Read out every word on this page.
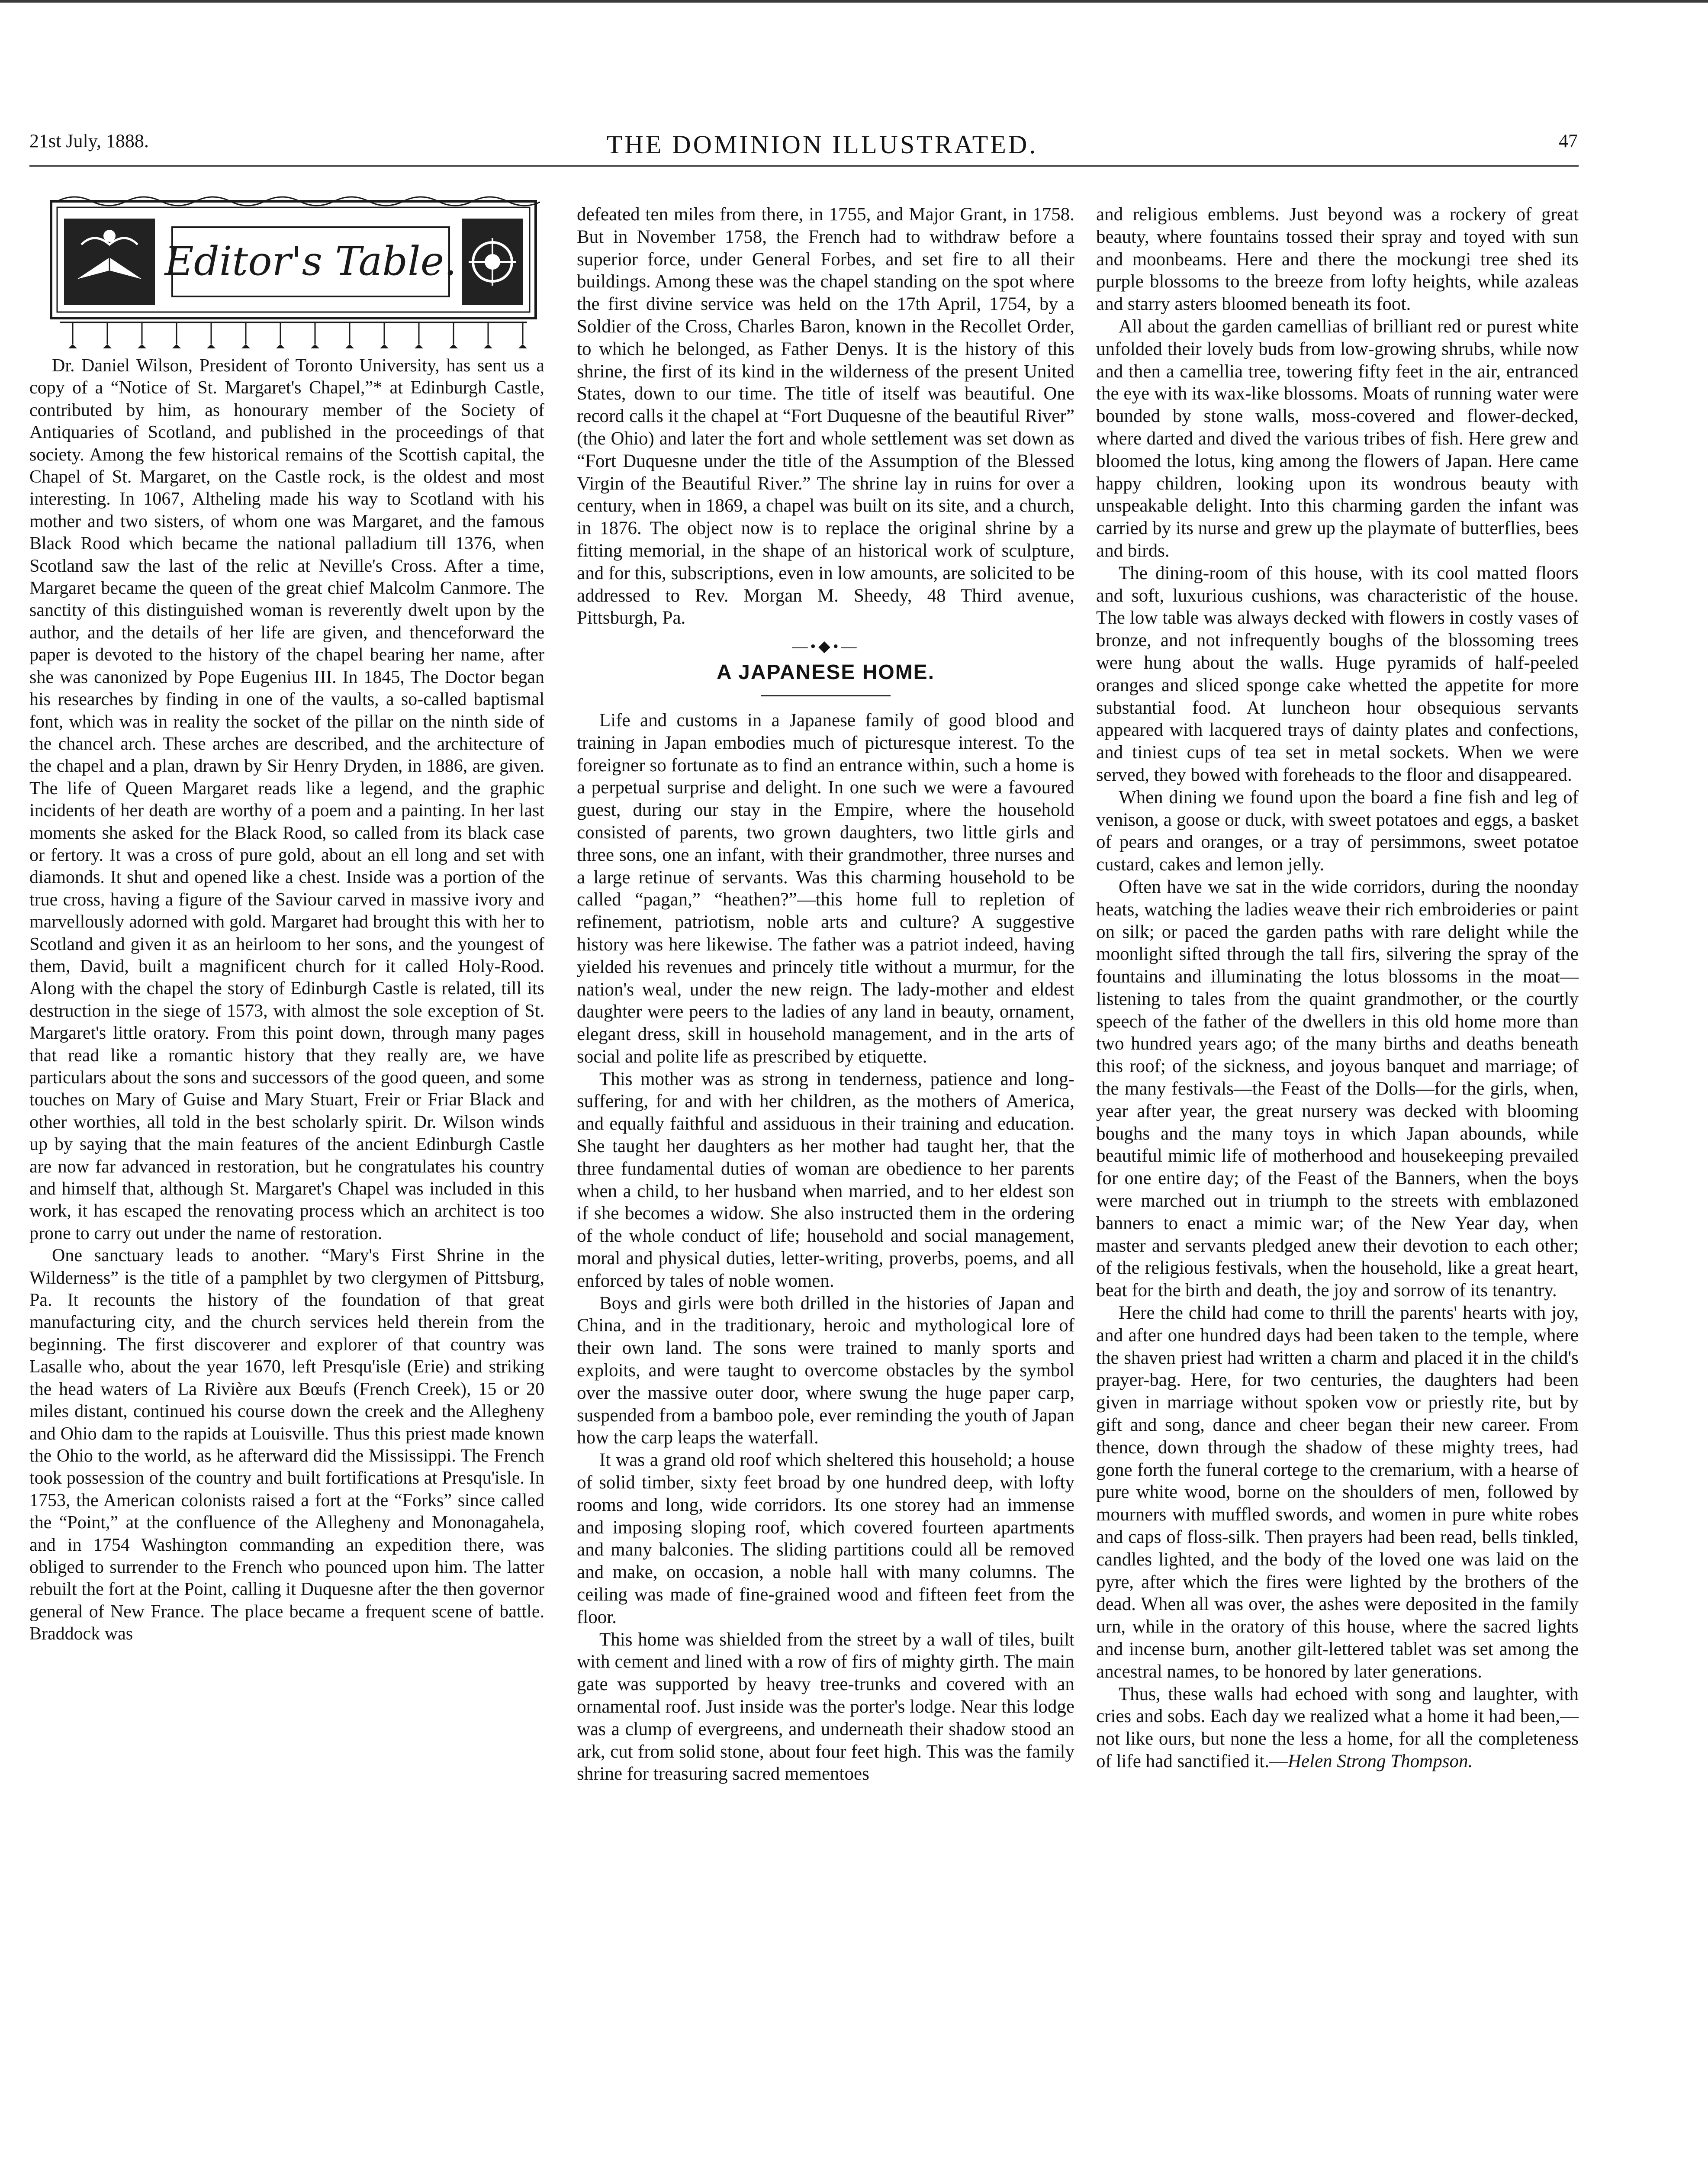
21st July, 1888.	THE DOMINION ILLUSTRATED.	47
Editor's Table.

Dr. Daniel Wilson, President of Toronto University, has sent us a copy of a “Notice of St. Margaret's Chapel,”* at Edinburgh Castle, contributed by him, as honourary member of the Society of Antiquaries of Scotland, and published in the proceedings of that society. Among the few historical remains of the Scottish capital, the Chapel of St. Margaret, on the Castle rock, is the oldest and most interesting. In 1067, Altheling made his way to Scotland with his mother and two sisters, of whom one was Margaret, and the famous Black Rood which became the national palladium till 1376, when Scotland saw the last of the relic at Neville's Cross. After a time, Margaret became the queen of the great chief Malcolm Canmore. The sanctity of this distinguished woman is reverently dwelt upon by the author, and the details of her life are given, and thenceforward the paper is devoted to the history of the chapel bearing her name, after she was canonized by Pope Eugenius III. In 1845, The Doctor began his researches by finding in one of the vaults, a so-called baptismal font, which was in reality the socket of the pillar on the ninth side of the chancel arch. These arches are described, and the architecture of the chapel and a plan, drawn by Sir Henry Dryden, in 1886, are given. The life of Queen Margaret reads like a legend, and the graphic incidents of her death are worthy of a poem and a painting. In her last moments she asked for the Black Rood, so called from its black case or fertory. It was a cross of pure gold, about an ell long and set with diamonds. It shut and opened like a chest. Inside was a portion of the true cross, having a figure of the Saviour carved in massive ivory and marvellously adorned with gold. Margaret had brought this with her to Scotland and given it as an heirloom to her sons, and the youngest of them, David, built a magnificent church for it called Holy-Rood. Along with the chapel the story of Edinburgh Castle is related, till its destruction in the siege of 1573, with almost the sole exception of St. Margaret's little oratory. From this point down, through many pages that read like a romantic history that they really are, we have particulars about the sons and successors of the good queen, and some touches on Mary of Guise and Mary Stuart, Freir or Friar Black and other worthies, all told in the best scholarly spirit. Dr. Wilson winds up by saying that the main features of the ancient Edinburgh Castle are now far advanced in restoration, but he congratulates his country and himself that, although St. Margaret's Chapel was included in this work, it has escaped the renovating process which an architect is too prone to carry out under the name of restoration.

One sanctuary leads to another. “Mary's First Shrine in the Wilderness” is the title of a pamphlet by two clergymen of Pittsburg, Pa. It recounts the history of the foundation of that great manufacturing city, and the church services held therein from the beginning. The first discoverer and explorer of that country was Lasalle who, about the year 1670, left Presqu'isle (Erie) and striking the head waters of La Rivière aux Bœufs (French Creek), 15 or 20 miles distant, continued his course down the creek and the Allegheny and Ohio dam to the rapids at Louisville. Thus this priest made known the Ohio to the world, as he afterward did the Mississippi. The French took possession of the country and built fortifications at Presqu'isle. In 1753, the American colonists raised a fort at the “Forks” since called the “Point,” at the confluence of the Allegheny and Mononagahela, and in 1754 Washington commanding an expedition there, was obliged to surrender to the French who pounced upon him. The latter rebuilt the fort at the Point, calling it Duquesne after the then governor general of New France. The place became a frequent scene of battle. Braddock was

defeated ten miles from there, in 1755, and Major Grant, in 1758. But in November 1758, the French had to withdraw before a superior force, under General Forbes, and set fire to all their buildings. Among these was the chapel standing on the spot where the first divine service was held on the 17th April, 1754, by a Soldier of the Cross, Charles Baron, known in the Recollet Order, to which he belonged, as Father Denys. It is the history of this shrine, the first of its kind in the wilderness of the present United States, down to our time. The title of itself was beautiful. One record calls it the chapel at “Fort Duquesne of the beautiful River” (the Ohio) and later the fort and whole settlement was set down as “Fort Duquesne under the title of the Assumption of the Blessed Virgin of the Beautiful River.” The shrine lay in ruins for over a century, when in 1869, a chapel was built on its site, and a church, in 1876. The object now is to replace the original shrine by a fitting memorial, in the shape of an historical work of sculpture, and for this, subscriptions, even in low amounts, are solicited to be addressed to Rev. Morgan M. Sheedy, 48 Third avenue, Pittsburgh, Pa.

—•◆•—
A JAPANESE HOME.

Life and customs in a Japanese family of good blood and training in Japan embodies much of picturesque interest. To the foreigner so fortunate as to find an entrance within, such a home is a perpetual surprise and delight. In one such we were a favoured guest, during our stay in the Empire, where the household consisted of parents, two grown daughters, two little girls and three sons, one an infant, with their grandmother, three nurses and a large retinue of servants. Was this charming household to be called “pagan,” “heathen?”—this home full to repletion of refinement, patriotism, noble arts and culture? A suggestive history was here likewise. The father was a patriot indeed, having yielded his revenues and princely title without a murmur, for the nation's weal, under the new reign. The lady-mother and eldest daughter were peers to the ladies of any land in beauty, ornament, elegant dress, skill in household management, and in the arts of social and polite life as prescribed by etiquette.

This mother was as strong in tenderness, patience and long-suffering, for and with her children, as the mothers of America, and equally faithful and assiduous in their training and education. She taught her daughters as her mother had taught her, that the three fundamental duties of woman are obedience to her parents when a child, to her husband when married, and to her eldest son if she becomes a widow. She also instructed them in the ordering of the whole conduct of life; household and social management, moral and physical duties, letter-writing, proverbs, poems, and all enforced by tales of noble women.

Boys and girls were both drilled in the histories of Japan and China, and in the traditionary, heroic and mythological lore of their own land. The sons were trained to manly sports and exploits, and were taught to overcome obstacles by the symbol over the massive outer door, where swung the huge paper carp, suspended from a bamboo pole, ever reminding the youth of Japan how the carp leaps the waterfall.

It was a grand old roof which sheltered this household; a house of solid timber, sixty feet broad by one hundred deep, with lofty rooms and long, wide corridors. Its one storey had an immense and imposing sloping roof, which covered fourteen apartments and many balconies. The sliding partitions could all be removed and make, on occasion, a noble hall with many columns. The ceiling was made of fine-grained wood and fifteen feet from the floor.

This home was shielded from the street by a wall of tiles, built with cement and lined with a row of firs of mighty girth. The main gate was supported by heavy tree-trunks and covered with an ornamental roof. Just inside was the porter's lodge. Near this lodge was a clump of evergreens, and underneath their shadow stood an ark, cut from solid stone, about four feet high. This was the family shrine for treasuring sacred mementoes

and religious emblems. Just beyond was a rockery of great beauty, where fountains tossed their spray and toyed with sun and moonbeams. Here and there the mockungi tree shed its purple blossoms to the breeze from lofty heights, while azaleas and starry asters bloomed beneath its foot.

All about the garden camellias of brilliant red or purest white unfolded their lovely buds from low-growing shrubs, while now and then a camellia tree, towering fifty feet in the air, entranced the eye with its wax-like blossoms. Moats of running water were bounded by stone walls, moss-covered and flower-decked, where darted and dived the various tribes of fish. Here grew and bloomed the lotus, king among the flowers of Japan. Here came happy children, looking upon its wondrous beauty with unspeakable delight. Into this charming garden the infant was carried by its nurse and grew up the playmate of butterflies, bees and birds.

The dining-room of this house, with its cool matted floors and soft, luxurious cushions, was characteristic of the house. The low table was always decked with flowers in costly vases of bronze, and not infrequently boughs of the blossoming trees were hung about the walls. Huge pyramids of half-peeled oranges and sliced sponge cake whetted the appetite for more substantial food. At luncheon hour obsequious servants appeared with lacquered trays of dainty plates and confections, and tiniest cups of tea set in metal sockets. When we were served, they bowed with foreheads to the floor and disappeared.

When dining we found upon the board a fine fish and leg of venison, a goose or duck, with sweet potatoes and eggs, a basket of pears and oranges, or a tray of persimmons, sweet potatoe custard, cakes and lemon jelly.

Often have we sat in the wide corridors, during the noonday heats, watching the ladies weave their rich embroideries or paint on silk; or paced the garden paths with rare delight while the moonlight sifted through the tall firs, silvering the spray of the fountains and illuminating the lotus blossoms in the moat—listening to tales from the quaint grandmother, or the courtly speech of the father of the dwellers in this old home more than two hundred years ago; of the many births and deaths beneath this roof; of the sickness, and joyous banquet and marriage; of the many festivals—the Feast of the Dolls—for the girls, when, year after year, the great nursery was decked with blooming boughs and the many toys in which Japan abounds, while beautiful mimic life of motherhood and housekeeping prevailed for one entire day; of the Feast of the Banners, when the boys were marched out in triumph to the streets with emblazoned banners to enact a mimic war; of the New Year day, when master and servants pledged anew their devotion to each other; of the religious festivals, when the household, like a great heart, beat for the birth and death, the joy and sorrow of its tenantry.

Here the child had come to thrill the parents' hearts with joy, and after one hundred days had been taken to the temple, where the shaven priest had written a charm and placed it in the child's prayer-bag. Here, for two centuries, the daughters had been given in marriage without spoken vow or priestly rite, but by gift and song, dance and cheer began their new career. From thence, down through the shadow of these mighty trees, had gone forth the funeral cortege to the cremarium, with a hearse of pure white wood, borne on the shoulders of men, followed by mourners with muffled swords, and women in pure white robes and caps of floss-silk. Then prayers had been read, bells tinkled, candles lighted, and the body of the loved one was laid on the pyre, after which the fires were lighted by the brothers of the dead. When all was over, the ashes were deposited in the family urn, while in the oratory of this house, where the sacred lights and incense burn, another gilt-lettered tablet was set among the ancestral names, to be honored by later generations.

Thus, these walls had echoed with song and laughter, with cries and sobs. Each day we realized what a home it had been,—not like ours, but none the less a home, for all the completeness of life had sanctified it.—Helen Strong Thompson.
